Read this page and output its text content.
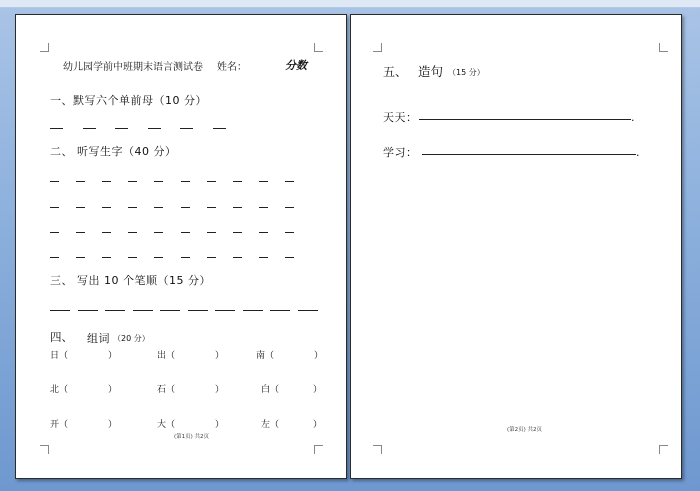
幼儿园学前中班期末语言测试卷 姓名：	分数
一、默写六个单前母（10 分）
二、 听写生字（40 分）
三、 写出 10 个笔顺（15 分）
四、 组词 （20 分）
日（	）	出（	）	南（	）
北（	）	石（	）	白（	）
开（	）	大（	）	左（	）
(第1页) 共2页
五、 造句 （15 分）
天天：	.
学习：	.
(第2页) 共2页
